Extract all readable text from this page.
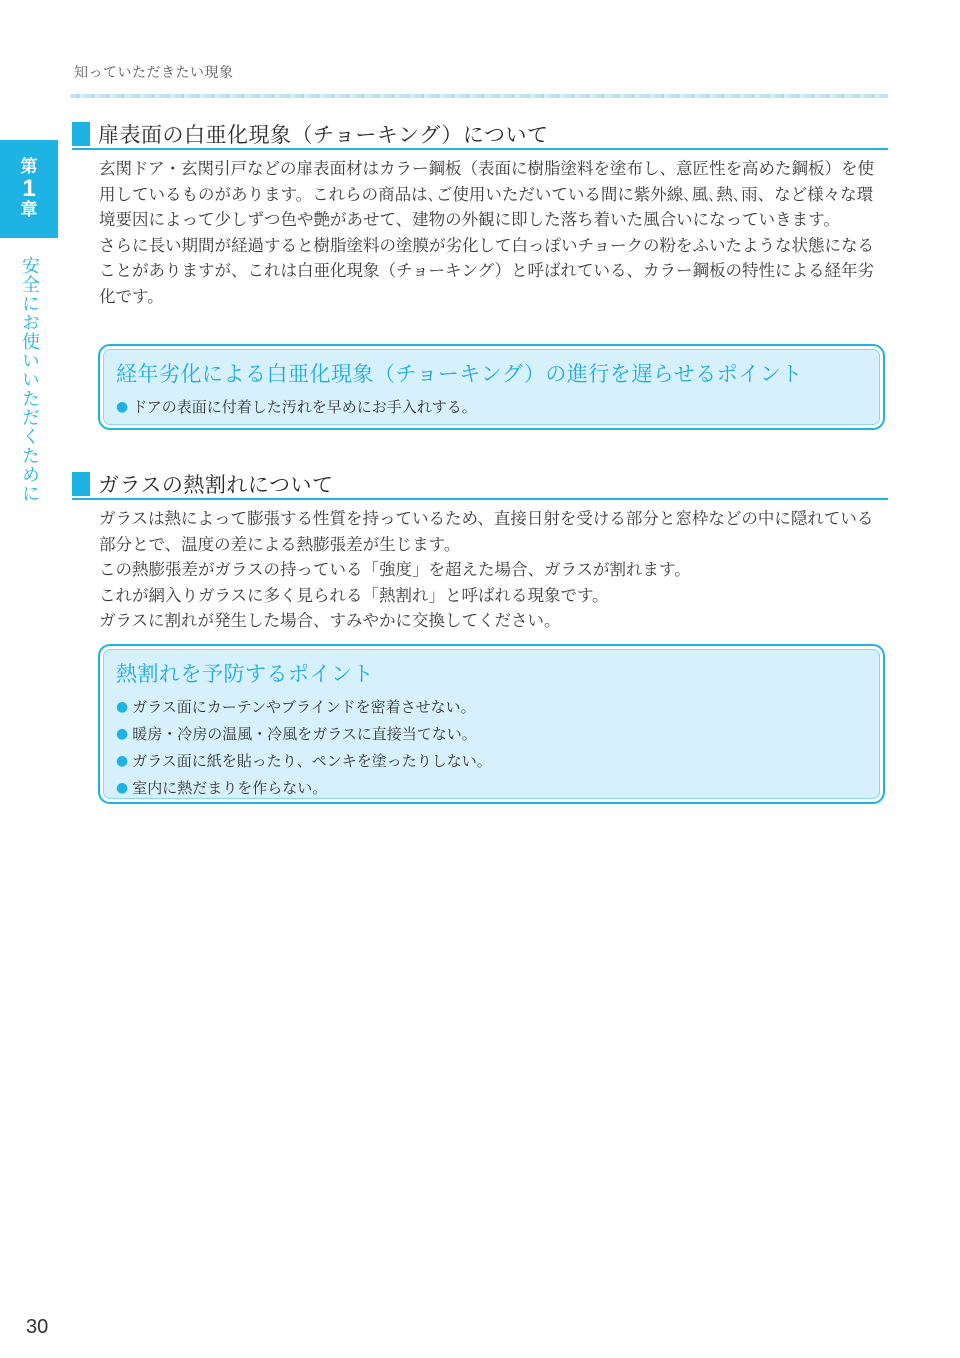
知っていただきたい現象
第
1
章
安全にお使いいただくために
扉表面の白亜化現象（チョーキング）について

玄関ドア・玄関引戸などの扉表面材はカラー鋼板（表面に樹脂塗料を塗布し、意匠性を高めた鋼板）を使用しているものがあります。これらの商品は､ご使用いただいている間に紫外線､風､熱､雨、など様々な環境要因によって少しずつ色や艶があせて、建物の外観に即した落ち着いた風合いになっていきます。

さらに長い期間が経過すると樹脂塗料の塗膜が劣化して白っぽいチョークの粉をふいたような状態になることがありますが、これは白亜化現象（チョーキング）と呼ばれている、カラー鋼板の特性による経年劣化です。

経年劣化による白亜化現象（チョーキング）の進行を遅らせるポイント
● ドアの表面に付着した汚れを早めにお手入れする。
ガラスの熱割れについて

ガラスは熱によって膨張する性質を持っているため、直接日射を受ける部分と窓枠などの中に隠れている部分とで、温度の差による熱膨張差が生じます。

この熱膨張差がガラスの持っている「強度」を超えた場合、ガラスが割れます。

これが網入りガラスに多く見られる「熱割れ」と呼ばれる現象です。

ガラスに割れが発生した場合、すみやかに交換してください。

熱割れを予防するポイント
● ガラス面にカーテンやブラインドを密着させない。
● 暖房・冷房の温風・冷風をガラスに直接当てない。
● ガラス面に紙を貼ったり、ペンキを塗ったりしない。
● 室内に熱だまりを作らない。
30
